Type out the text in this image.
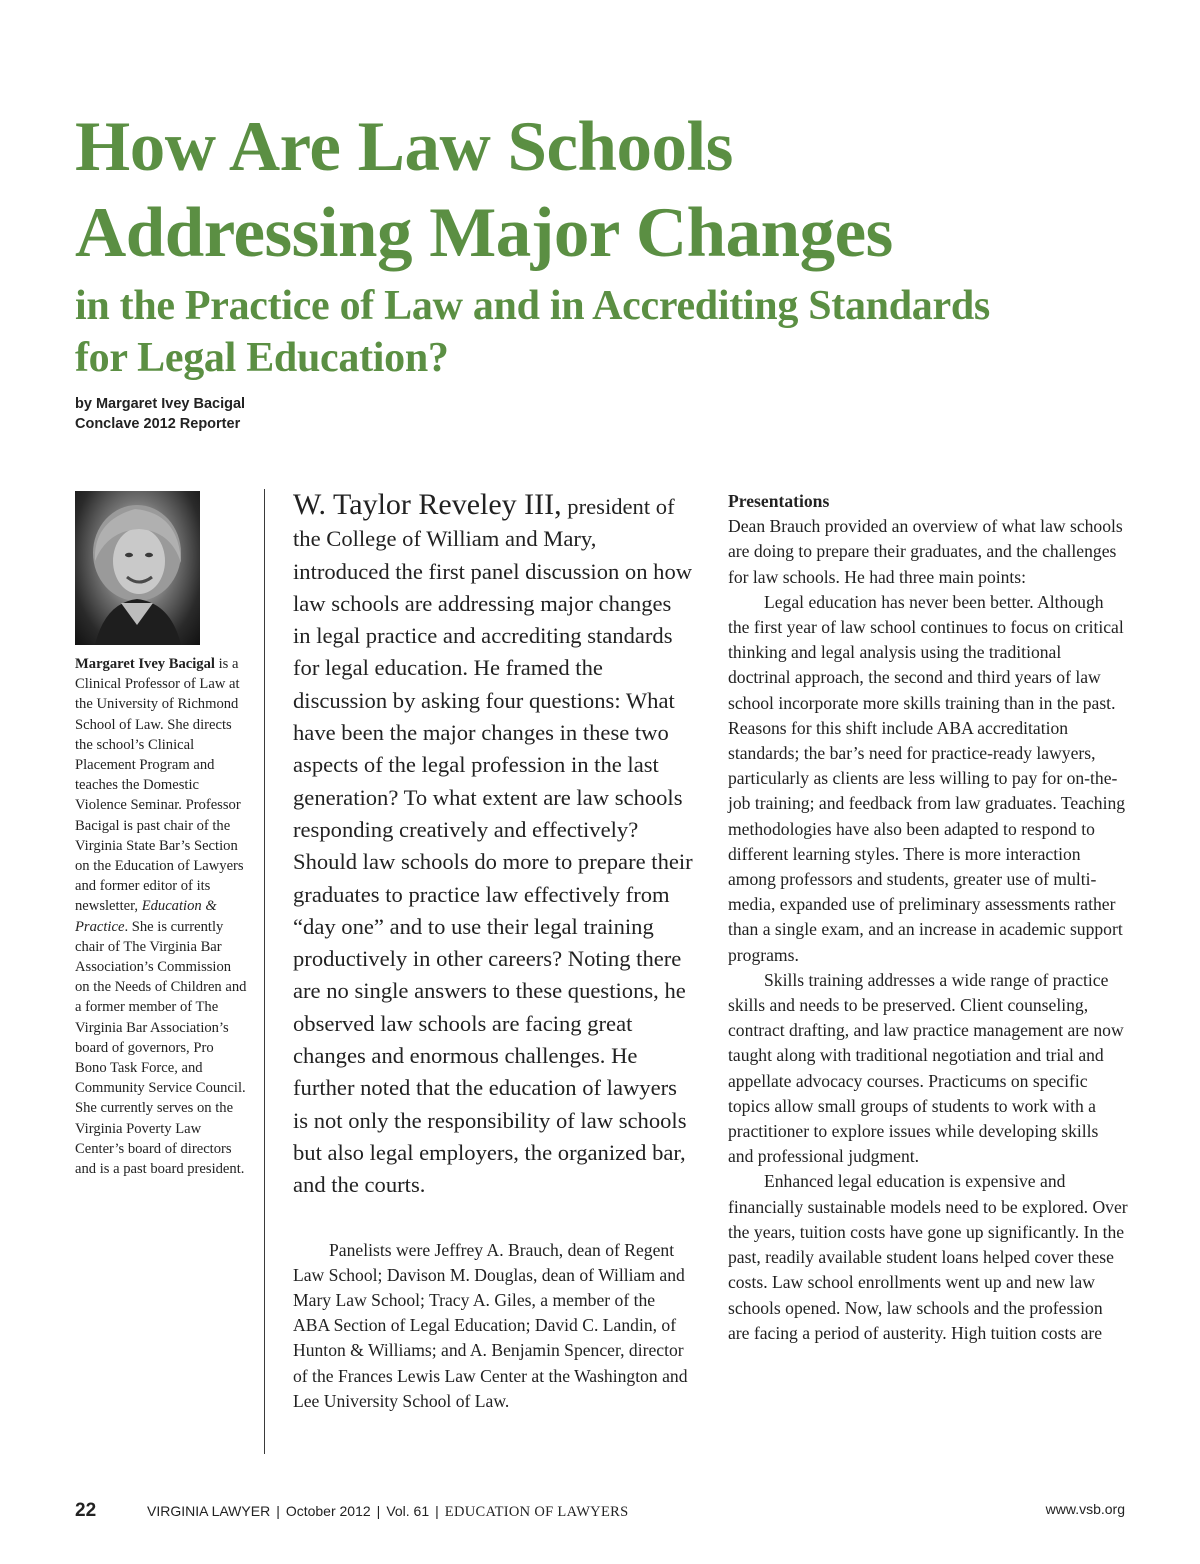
How Are Law Schools
Addressing Major Changes
in the Practice of Law and in Accrediting Standards
for Legal Education?
by Margaret Ivey Bacigal
Conclave 2012 Reporter
Margaret Ivey Bacigal is a Clinical Professor of Law at the University of Richmond School of Law. She directs the school’s Clinical Placement Program and teaches the Domestic Violence Seminar. Professor Bacigal is past chair of the Virginia State Bar’s Section on the Education of Lawyers and former editor of its newsletter, Education & Practice. She is currently chair of The Virginia Bar Association’s Commission on the Needs of Children and a former member of The Virginia Bar Association’s board of governors, Pro Bono Task Force, and Community Service Council. She currently serves on the Virginia Poverty Law Center’s board of directors and is a past board president.

W. Taylor Reveley III, president of the College of William and Mary, introduced the first panel discussion on how law schools are addressing major changes in legal practice and accrediting standards for legal education. He framed the discussion by asking four questions: What have been the major changes in these two aspects of the legal profession in the last generation? To what extent are law schools responding creatively and effectively? Should law schools do more to prepare their graduates to practice law effectively from “day one” and to use their legal training productively in other careers? Noting there are no single answers to these questions, he observed law schools are facing great changes and enormous challenges. He further noted that the education of lawyers is not only the responsibility of law schools but also legal employers, the organized bar, and the courts.

Panelists were Jeffrey A. Brauch, dean of Regent Law School; Davison M. Douglas, dean of William and Mary Law School; Tracy A. Giles, a member of the ABA Section of Legal Education; David C. Landin, of Hunton & Williams; and A. Benjamin Spencer, director of the Frances Lewis Law Center at the Washington and Lee University School of Law.

Presentations

Dean Brauch provided an overview of what law schools are doing to prepare their graduates, and the challenges for law schools. He had three main points:

Legal education has never been better. Although the first year of law school continues to focus on critical thinking and legal analysis using the traditional doctrinal approach, the second and third years of law school incorporate more skills training than in the past. Reasons for this shift include ABA accreditation standards; the bar’s need for practice-ready lawyers, particularly as clients are less willing to pay for on-the-job training; and feedback from law graduates. Teaching methodologies have also been adapted to respond to different learning styles. There is more interaction among professors and students, greater use of multi-media, expanded use of preliminary assessments rather than a single exam, and an increase in academic support programs.

Skills training addresses a wide range of practice skills and needs to be preserved. Client counseling, contract drafting, and law practice management are now taught along with traditional negotiation and trial and appellate advocacy courses. Practicums on specific topics allow small groups of students to work with a practitioner to explore issues while developing skills and professional judgment.

Enhanced legal education is expensive and financially sustainable models need to be explored. Over the years, tuition costs have gone up significantly. In the past, readily available student loans helped cover these costs. Law school enrollments went up and new law schools opened. Now, law schools and the profession are facing a period of austerity. High tuition costs are

22	VIRGINIA LAWYER | October 2012 | Vol. 61 | EDUCATION OF LAWYERS	www.vsb.org
